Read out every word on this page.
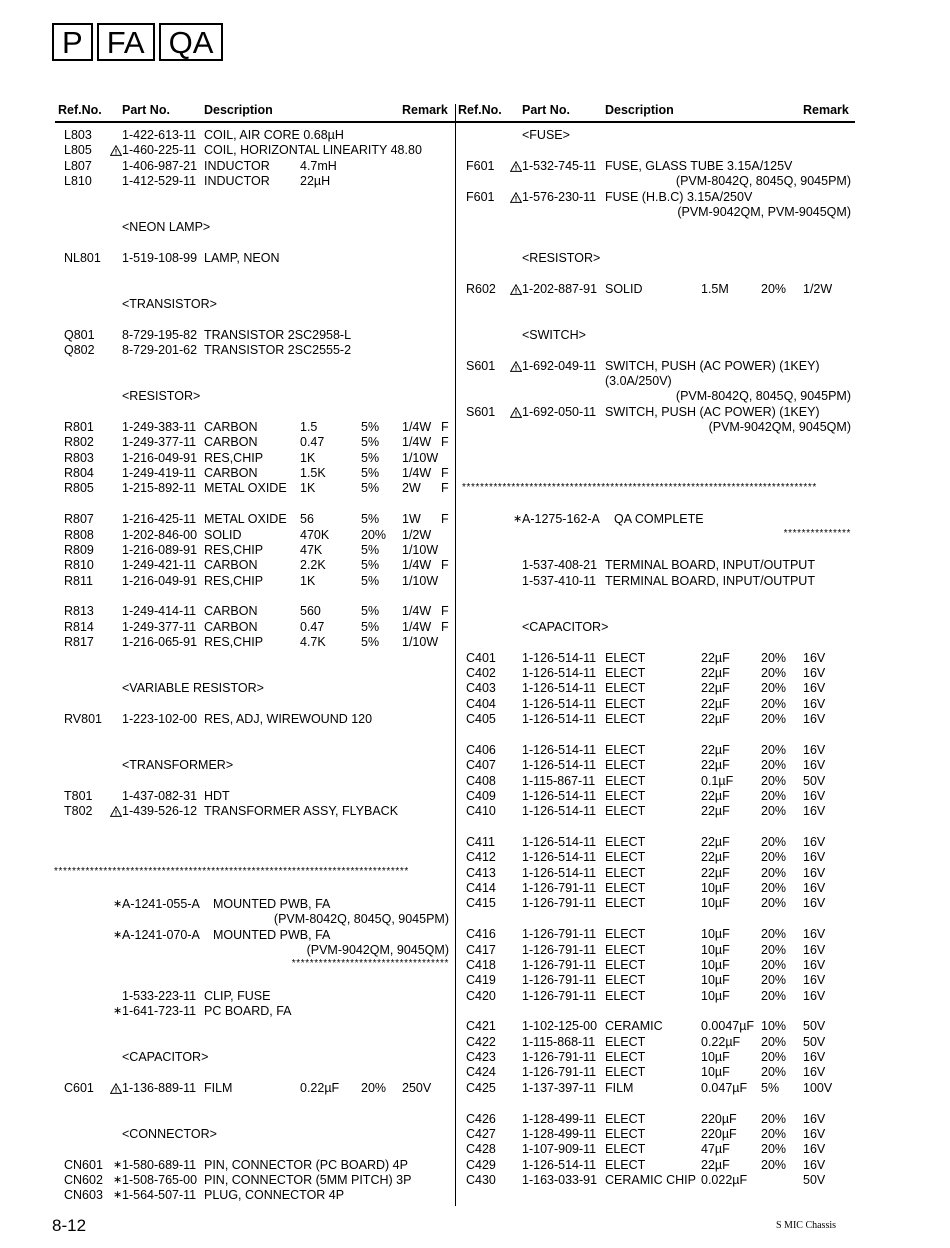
P FA QA
Ref.No. Part No.	Description	Remark Ref.No. Part No.	Description	Remark
L803 1-422-613-11 COIL, AIR CORE 0.68µH
L805 1-460-225-11 COIL, HORIZONTAL LINEARITY 48.80
L807 1-406-987-21 INDUCTOR 4.7mH
L810 1-412-529-11 INDUCTOR 22µH
<NEON LAMP>
NL801 1-519-108-99 LAMP, NEON
<TRANSISTOR>
Q801 8-729-195-82 TRANSISTOR 2SC2958-L
Q802 8-729-201-62 TRANSISTOR 2SC2555-2
<RESISTOR>
R801 1-249-383-11 CARBON	1.5	5% 1/4W F
R802 1-249-377-11 CARBON	0.47	5% 1/4W F
R803 1-216-049-91 RES,CHIP	1K	5% 1/10W
R804 1-249-419-11 CARBON	1.5K	5% 1/4W F
R805 1-215-892-11 METAL OXIDE 1K	5% 2W F
R807 1-216-425-11 METAL OXIDE 56	5% 1W F
R808 1-202-846-00 SOLID	470K	20% 1/2W
R809 1-216-089-91 RES,CHIP	47K	5% 1/10W
R810 1-249-421-11 CARBON	2.2K	5% 1/4W F
R811 1-216-049-91 RES,CHIP	1K	5% 1/10W
R813 1-249-414-11 CARBON	560	5% 1/4W F
R814 1-249-377-11 CARBON	0.47	5% 1/4W F
R817 1-216-065-91 RES,CHIP	4.7K	5% 1/10W
<VARIABLE RESISTOR>
RV801 1-223-102-00 RES, ADJ, WIREWOUND 120
<TRANSFORMER>
T801 1-437-082-31 HDT
T802 1-439-526-12 TRANSFORMER ASSY, FLYBACK
*******************************************************************************
∗ A-1241-055-A MOUNTED PWB, FA
(PVM-8042Q, 8045Q, 9045PM)
∗ A-1241-070-A MOUNTED PWB, FA
(PVM-9042QM, 9045QM)
***********************************
1-533-223-11 CLIP, FUSE
∗ 1-641-723-11 PC BOARD, FA
<CAPACITOR>
C601 1-136-889-11 FILM	0.22µF 20% 250V
<CONNECTOR>
CN601 ∗ 1-580-689-11 PIN, CONNECTOR (PC BOARD) 4P
CN602 ∗ 1-508-765-00 PIN, CONNECTOR (5MM PITCH) 3P
CN603 ∗ 1-564-507-11 PLUG, CONNECTOR 4P
<FUSE>
F601 1-532-745-11 FUSE, GLASS TUBE 3.15A/125V
(PVM-8042Q, 8045Q, 9045PM)
F601 1-576-230-11 FUSE (H.B.C) 3.15A/250V
(PVM-9042QM, PVM-9045QM)
<RESISTOR>
R602 1-202-887-91 SOLID	1.5M	20% 1/2W
<SWITCH>
S601 1-692-049-11 SWITCH, PUSH (AC POWER) (1KEY)
(3.0A/250V)
(PVM-8042Q, 8045Q, 9045PM)
S601 1-692-050-11 SWITCH, PUSH (AC POWER) (1KEY)
(PVM-9042QM, 9045QM)
*******************************************************************************
∗ A-1275-162-A QA COMPLETE
***************
1-537-408-21 TERMINAL BOARD, INPUT/OUTPUT
1-537-410-11 TERMINAL BOARD, INPUT/OUTPUT
<CAPACITOR>
C401 1-126-514-11 ELECT	22µF	20% 16V
C402 1-126-514-11 ELECT	22µF	20% 16V
C403 1-126-514-11 ELECT	22µF	20% 16V
C404 1-126-514-11 ELECT	22µF	20% 16V
C405 1-126-514-11 ELECT	22µF	20% 16V
C406 1-126-514-11 ELECT	22µF	20% 16V
C407 1-126-514-11 ELECT	22µF	20% 16V
C408 1-115-867-11 ELECT	0.1µF 20% 50V
C409 1-126-514-11 ELECT	22µF	20% 16V
C410 1-126-514-11 ELECT	22µF	20% 16V
C411 1-126-514-11 ELECT	22µF	20% 16V
C412 1-126-514-11 ELECT	22µF	20% 16V
C413 1-126-514-11 ELECT	22µF	20% 16V
C414 1-126-791-11 ELECT	10µF	20% 16V
C415 1-126-791-11 ELECT	10µF	20% 16V
C416 1-126-791-11 ELECT	10µF	20% 16V
C417 1-126-791-11 ELECT	10µF	20% 16V
C418 1-126-791-11 ELECT	10µF	20% 16V
C419 1-126-791-11 ELECT	10µF	20% 16V
C420 1-126-791-11 ELECT	10µF	20% 16V
C421 1-102-125-00 CERAMIC	0.0047µF 10% 50V
C422 1-115-868-11 ELECT	0.22µF 20% 50V
C423 1-126-791-11 ELECT	10µF	20% 16V
C424 1-126-791-11 ELECT	10µF	20% 16V
C425 1-137-397-11 FILM	0.047µF 5% 100V
C426 1-128-499-11 ELECT	220µF 20% 16V
C427 1-128-499-11 ELECT	220µF 20% 16V
C428 1-107-909-11 ELECT	47µF	20% 16V
C429 1-126-514-11 ELECT	22µF	20% 16V
C430 1-163-033-91 CERAMIC CHIP 0.022µF	50V
8-12	S MIC Chassis
